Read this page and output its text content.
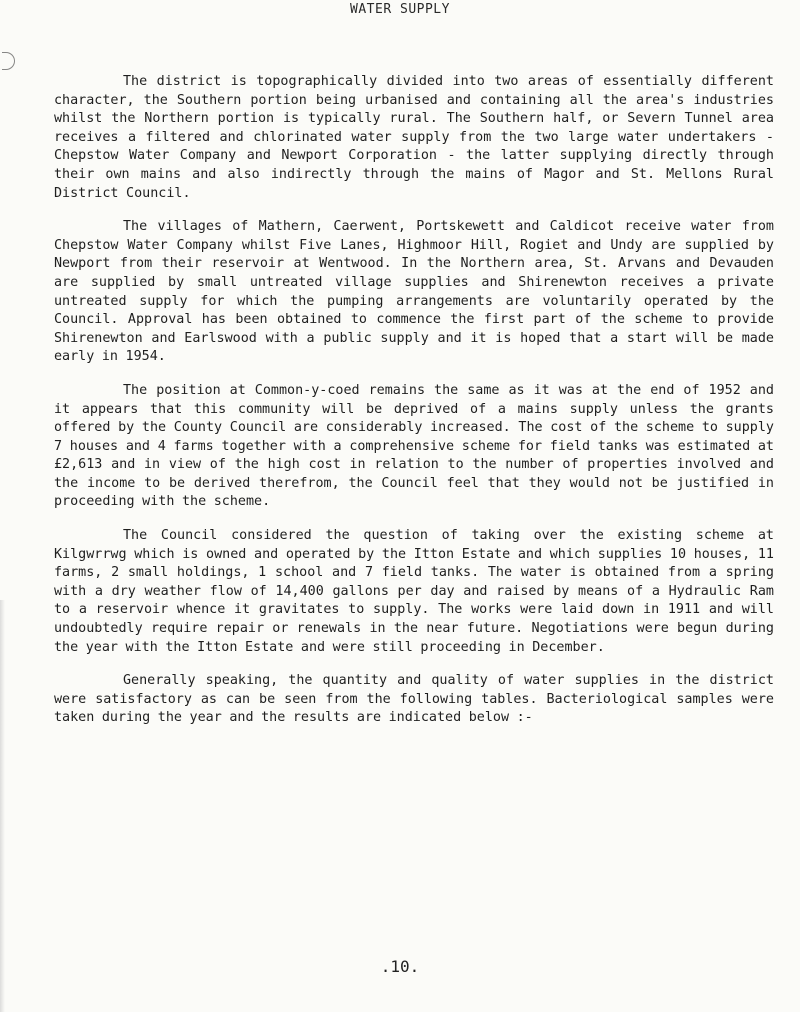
WATER SUPPLY

The district is topographically divided into two areas of essentially different character, the Southern portion being urbanised and containing all the area's industries whilst the Northern portion is typically rural. The Southern half, or Severn Tunnel area receives a filtered and chlorinated water supply from the two large water undertakers - Chepstow Water Company and Newport Corporation - the latter supplying directly through their own mains and also indirectly through the mains of Magor and St. Mellons Rural District Council.

The villages of Mathern, Caerwent, Portskewett and Caldicot receive water from Chepstow Water Company whilst Five Lanes, Highmoor Hill, Rogiet and Undy are supplied by Newport from their reservoir at Wentwood. In the Northern area, St. Arvans and Devauden are supplied by small untreated village supplies and Shirenewton receives a private untreated supply for which the pumping arrangements are voluntarily operated by the Council. Approval has been obtained to commence the first part of the scheme to provide Shirenewton and Earlswood with a public supply and it is hoped that a start will be made early in 1954.

The position at Common-y-coed remains the same as it was at the end of 1952 and it appears that this community will be deprived of a mains supply unless the grants offered by the County Council are considerably increased. The cost of the scheme to supply 7 houses and 4 farms together with a comprehensive scheme for field tanks was estimated at £2,613 and in view of the high cost in relation to the number of properties involved and the income to be derived therefrom, the Council feel that they would not be justified in proceeding with the scheme.

The Council considered the question of taking over the existing scheme at Kilgwrrwg which is owned and operated by the Itton Estate and which supplies 10 houses, 11 farms, 2 small holdings, 1 school and 7 field tanks. The water is obtained from a spring with a dry weather flow of 14,400 gallons per day and raised by means of a Hydraulic Ram to a reservoir whence it gravitates to supply. The works were laid down in 1911 and will undoubtedly require repair or renewals in the near future. Negotiations were begun during the year with the Itton Estate and were still proceeding in December.

Generally speaking, the quantity and quality of water supplies in the district were satisfactory as can be seen from the following tables. Bacteriological samples were taken during the year and the results are indicated below :-

.10.
